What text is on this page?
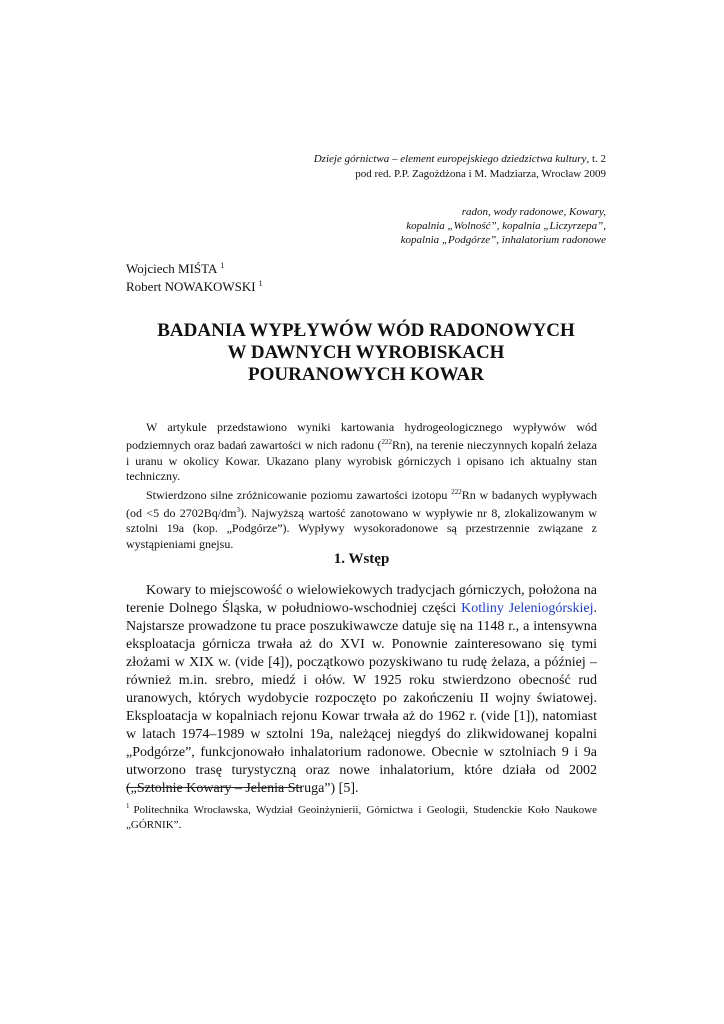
Dzieje górnictwa – element europejskiego dziedzictwa kultury, t. 2
pod red. P.P. Zagożdżona i M. Madziarza, Wrocław 2009
radon, wody radonowe, Kowary,
kopalnia „Wolność”, kopalnia „Liczyrzepa”,
kopalnia „Podgórze”, inhalatorium radonowe
Wojciech MIŚTA $^1$
Robert NOWAKOWSKI $^1$
BADANIA WYPŁYWÓW WÓD RADONOWYCH
W DAWNYCH WYROBISKACH
POURANOWYCH KOWAR

W artykule przedstawiono wyniki kartowania hydrogeologicznego wypływów wód podziemnych oraz badań zawartości w nich radonu ($^{222}$Rn), na terenie nieczynnych kopalń żelaza i uranu w okolicy Kowar. Ukazano plany wyrobisk górniczych i opisano ich aktualny stan techniczny.

Stwierdzono silne zróżnicowanie poziomu zawartości izotopu $^{222}$Rn w badanych wypływach (od <5 do $2702Bq/dm^3$). Najwyższą wartość zanotowano w wypływie nr 8, zlokalizowanym w sztolni 19a (kop. „Podgórze”). Wypływy wysokoradonowe są przestrzennie związane z wystąpieniami gnejsu.

1. Wstęp

Kowary to miejscowość o wielowiekowych tradycjach górniczych, położona na terenie Dolnego Śląska, w południowo-wschodniej części Kotliny Jeleniogórskiej. Najstarsze prowadzone tu prace poszukiwawcze datuje się na 1148 r., a intensywna eksploatacja górnicza trwała aż do XVI w. Ponownie zainteresowano się tymi złożami w XIX w. (vide [4]), początkowo pozyskiwano tu rudę żelaza, a później – również m.in. srebro, miedź i ołów. W 1925 roku stwierdzono obecność rud uranowych, których wydobycie rozpoczęto po zakończeniu II wojny światowej. Eksploatacja w kopalniach rejonu Kowar trwała aż do 1962 r. (vide [1]), natomiast w latach 1974–1989 w sztolni 19a, należącej niegdyś do zlikwidowanej kopalni „Podgórze”, funkcjonowało inhalatorium radonowe. Obecnie w sztolniach 9 i 9a utworzono trasę turystyczną oraz nowe inhalatorium, które działa od 2002 („Sztolnie Kowary – Jelenia Struga”) [5].

$^1$ Politechnika Wrocławska, Wydział Geoinżynierii, Górnictwa i Geologii, Studenckie Koło Naukowe „GÓRNIK”.
